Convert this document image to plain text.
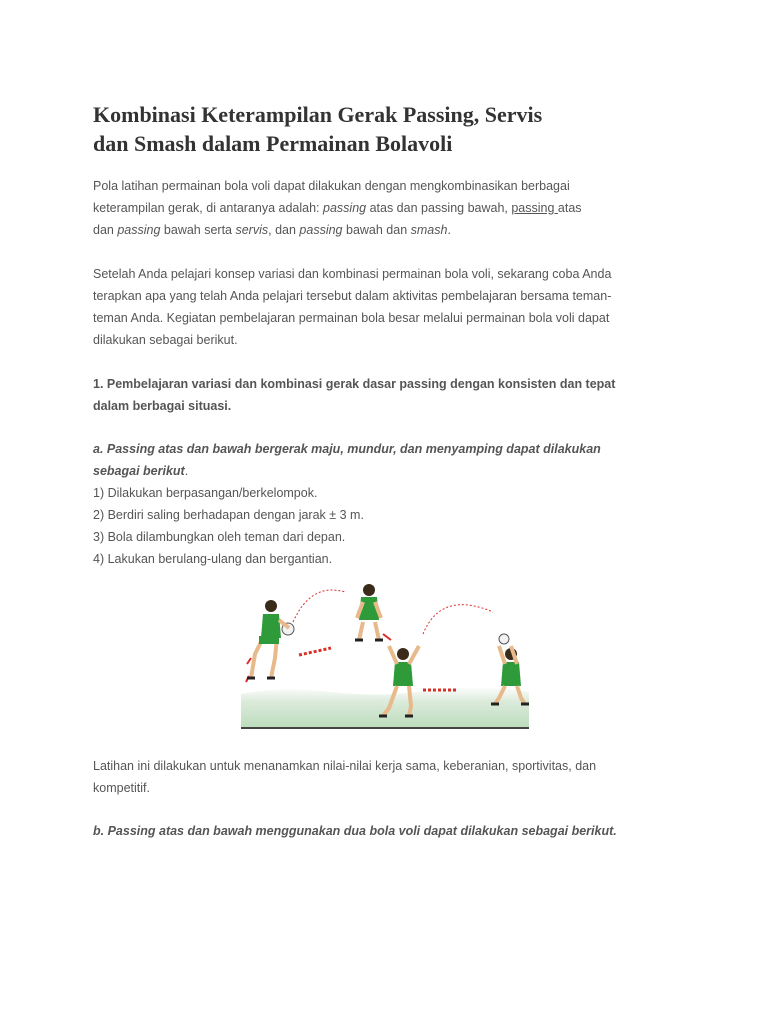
Kombinasi Keterampilan Gerak Passing, Servis
dan Smash dalam Permainan Bolavoli
Pola latihan permainan bola voli dapat dilakukan dengan mengkombinasikan berbagai
keterampilan gerak, di antaranya adalah: passing atas dan passing bawah, passing atas
dan passing bawah serta servis, dan passing bawah dan smash.
Setelah Anda pelajari konsep variasi dan kombinasi permainan bola voli, sekarang coba Anda
terapkan apa yang telah Anda pelajari tersebut dalam aktivitas pembelajaran bersama teman-
teman Anda. Kegiatan pembelajaran permainan bola besar melalui permainan bola voli dapat
dilakukan sebagai berikut.
1. Pembelajaran variasi dan kombinasi gerak dasar passing dengan konsisten dan tepat
dalam berbagai situasi.
a. Passing atas dan bawah bergerak maju, mundur, dan menyamping dapat dilakukan
sebagai berikut.
1) Dilakukan berpasangan/berkelompok.
2) Berdiri saling berhadapan dengan jarak ± 3 m.
3) Bola dilambungkan oleh teman dari depan.
4) Lakukan berulang-ulang dan bergantian.
Latihan ini dilakukan untuk menanamkan nilai-nilai kerja sama, keberanian, sportivitas, dan
kompetitif.
b. Passing atas dan bawah menggunakan dua bola voli dapat dilakukan sebagai berikut.
